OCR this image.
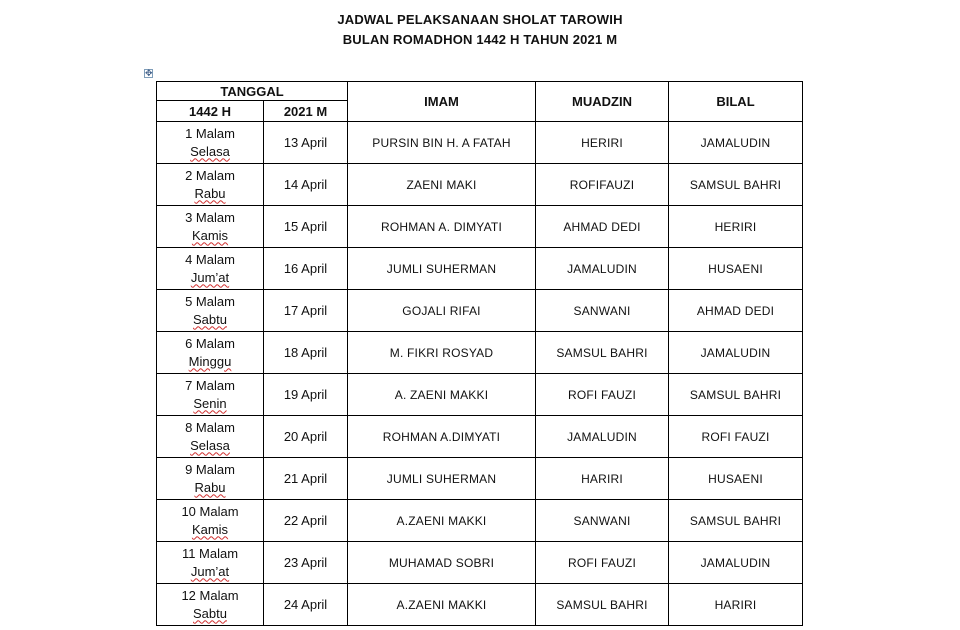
JADWAL PELAKSANAAN SHOLAT TAROWIH
BULAN ROMADHON 1442 H TAHUN 2021 M
✥
TANGGAL		IMAM	MUADZIN	BILAL
1442 H	2021 M			
1 Malam
Selasa	13 April	PURSIN BIN H. A FATAH	HERIRI	JAMALUDIN
2 Malam
Rabu	14 April	ZAENI MAKI	ROFIFAUZI	SAMSUL BAHRI
3 Malam
Kamis	15 April	ROHMAN A. DIMYATI	AHMAD DEDI	HERIRI
4 Malam
Jum’at	16 April	JUMLI SUHERMAN	JAMALUDIN	HUSAENI
5 Malam
Sabtu	17 April	GOJALI RIFAI	SANWANI	AHMAD DEDI
6 Malam
Minggu	18 April	M. FIKRI ROSYAD	SAMSUL BAHRI	JAMALUDIN
7 Malam
Senin	19 April	A. ZAENI MAKKI	ROFI FAUZI	SAMSUL BAHRI
8 Malam
Selasa	20 April	ROHMAN A.DIMYATI	JAMALUDIN	ROFI FAUZI
9 Malam
Rabu	21 April	JUMLI SUHERMAN	HARIRI	HUSAENI
10 Malam
Kamis	22 April	A.ZAENI MAKKI	SANWANI	SAMSUL BAHRI
11 Malam
Jum’at	23 April	MUHAMAD SOBRI	ROFI FAUZI	JAMALUDIN
12 Malam
Sabtu	24 April	A.ZAENI MAKKI	SAMSUL BAHRI	HARIRI
